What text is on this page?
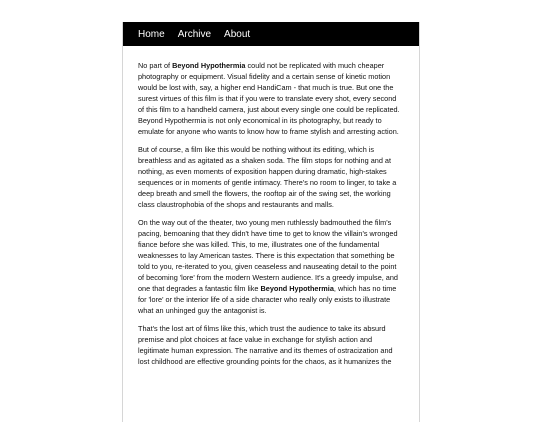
Home Archive About

No part of Beyond Hypothermia could not be replicated with much cheaper photography or equipment. Visual fidelity and a certain sense of kinetic motion would be lost with, say, a higher end HandiCam - that much is true. But one the surest virtues of this film is that if you were to translate every shot, every second of this film to a handheld camera, just about every single one could be replicated. Beyond Hypothermia is not only economical in its photography, but ready to emulate for anyone who wants to know how to frame stylish and arresting action.

But of course, a film like this would be nothing without its editing, which is breathless and as agitated as a shaken soda. The film stops for nothing and at nothing, as even moments of exposition happen during dramatic, high-stakes sequences or in moments of gentle intimacy. There's no room to linger, to take a deep breath and smell the flowers, the rooftop air of the swing set, the working class claustrophobia of the shops and restaurants and malls.

On the way out of the theater, two young men ruthlessly badmouthed the film's pacing, bemoaning that they didn't have time to get to know the villain's wronged fiance before she was killed. This, to me, illustrates one of the fundamental weaknesses to lay American tastes. There is this expectation that something be told to you, re-iterated to you, given ceaseless and nauseating detail to the point of becoming 'lore' from the modern Western audience. It's a greedy impulse, and one that degrades a fantastic film like Beyond Hypothermia, which has no time for 'lore' or the interior life of a side character who really only exists to illustrate what an unhinged guy the antagonist is.

That's the lost art of films like this, which trust the audience to take its absurd premise and plot choices at face value in exchange for stylish action and legitimate human expression. The narrative and its themes of ostracization and lost childhood are effective grounding points for the chaos, as it humanizes the
